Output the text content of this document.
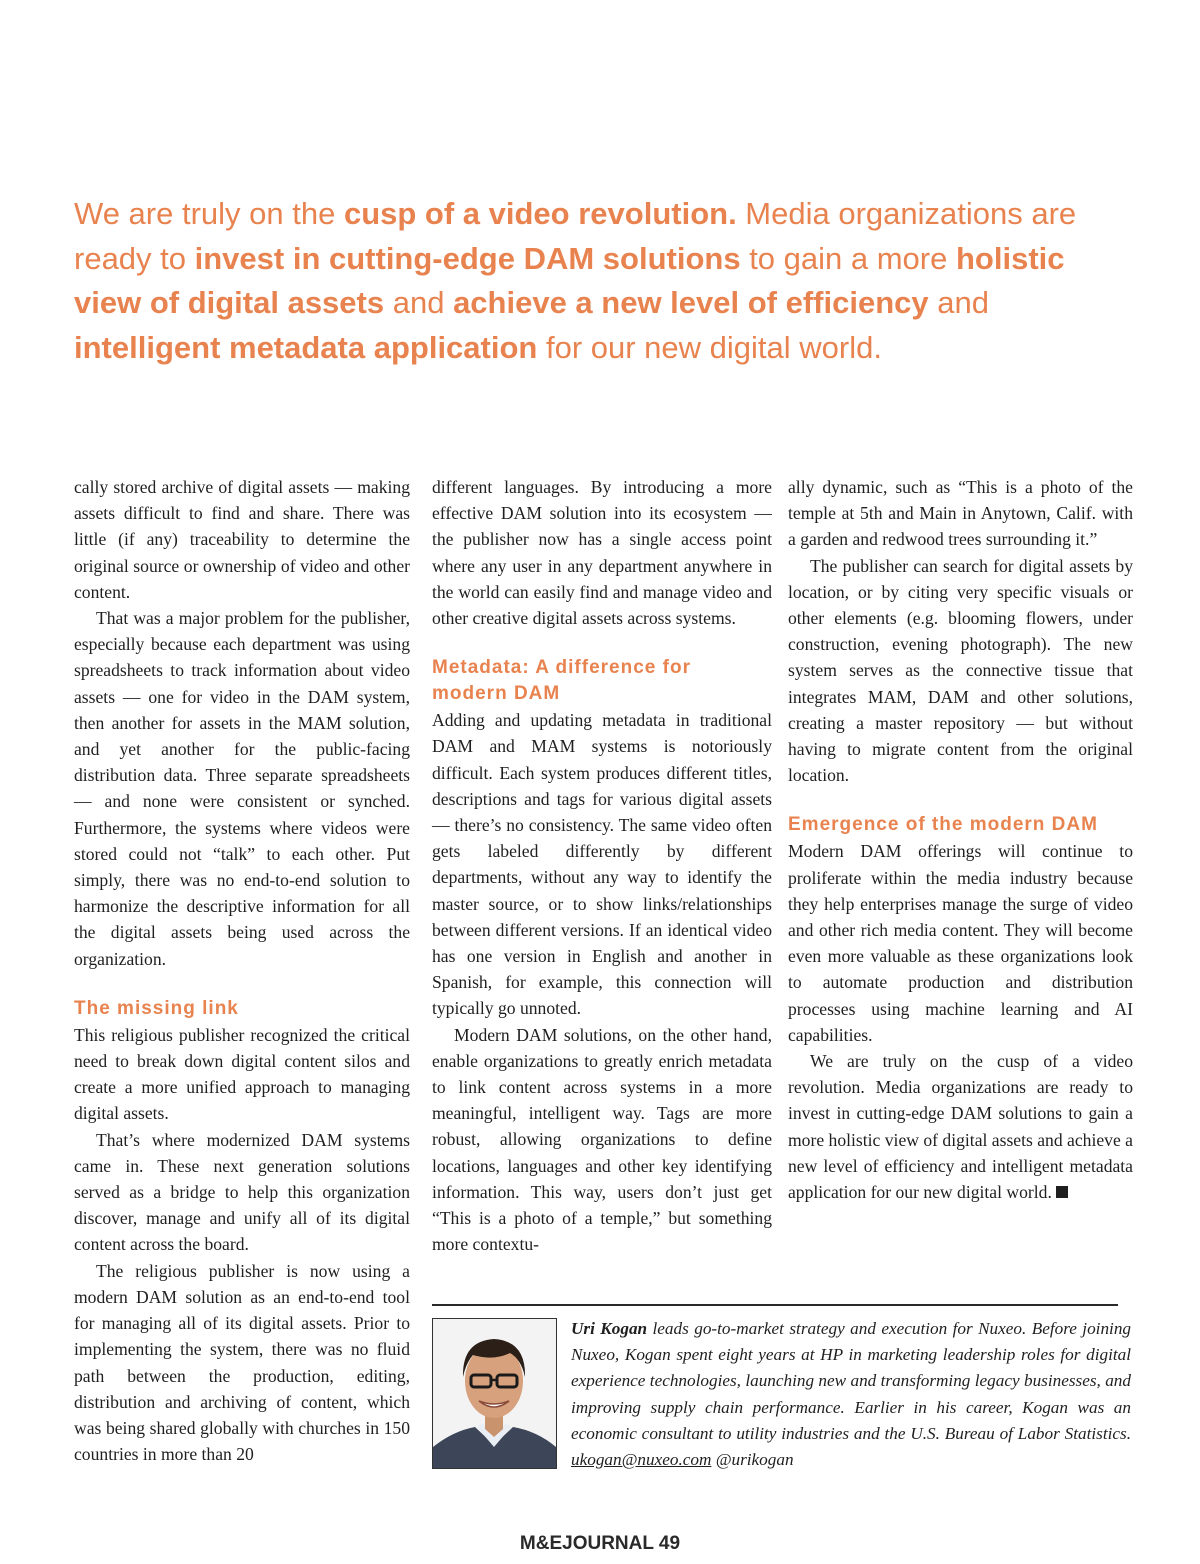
We are truly on the cusp of a video revolution. Media organizations are ready to invest in cutting-edge DAM solutions to gain a more holistic view of digital assets and achieve a new level of efficiency and intelligent metadata application for our new digital world.

cally stored archive of digital assets — making assets difficult to find and share. There was little (if any) traceability to determine the original source or ownership of video and other content.

That was a major problem for the publisher, especially because each department was using spreadsheets to track information about video assets — one for video in the DAM system, then another for assets in the MAM solution, and yet another for the public-facing distribution data. Three separate spreadsheets — and none were consistent or synched. Furthermore, the systems where videos were stored could not “talk” to each other. Put simply, there was no end-to-end solution to harmonize the descriptive information for all the digital assets being used across the organization.

The missing link

This religious publisher recognized the critical need to break down digital content silos and create a more unified approach to managing digital assets.

That’s where modernized DAM systems came in. These next generation solutions served as a bridge to help this organization discover, manage and unify all of its digital content across the board.

The religious publisher is now using a modern DAM solution as an end-to-end tool for managing all of its digital assets. Prior to implementing the system, there was no fluid path between the production, editing, distribution and archiving of content, which was being shared globally with churches in 150 countries in more than 20

different languages. By introducing a more effective DAM solution into its ecosystem — the publisher now has a single access point where any user in any department anywhere in the world can easily find and manage video and other creative digital assets across systems.

Metadata: A difference for modern DAM

Adding and updating metadata in traditional DAM and MAM systems is notoriously difficult. Each system produces different titles, descriptions and tags for various digital assets — there’s no consistency. The same video often gets labeled differently by different departments, without any way to identify the master source, or to show links/relationships between different versions. If an identical video has one version in English and another in Spanish, for example, this connection will typically go unnoted.

Modern DAM solutions, on the other hand, enable organizations to greatly enrich metadata to link content across systems in a more meaningful, intelligent way. Tags are more robust, allowing organizations to define locations, languages and other key identifying information. This way, users don’t just get “This is a photo of a temple,” but something more contextu-

ally dynamic, such as “This is a photo of the temple at 5th and Main in Anytown, Calif. with a garden and redwood trees surrounding it.”

The publisher can search for digital assets by location, or by citing very specific visuals or other elements (e.g. blooming flowers, under construction, evening photograph). The new system serves as the connective tissue that integrates MAM, DAM and other solutions, creating a master repository — but without having to migrate content from the original location.

Emergence of the modern DAM

Modern DAM offerings will continue to proliferate within the media industry because they help enterprises manage the surge of video and other rich media content. They will become even more valuable as these organizations look to automate production and distribution processes using machine learning and AI capabilities.

We are truly on the cusp of a video revolution. Media organizations are ready to invest in cutting-edge DAM solutions to gain a more holistic view of digital assets and achieve a new level of efficiency and intelligent metadata application for our new digital world.

Uri Kogan leads go-to-market strategy and execution for Nuxeo. Before joining Nuxeo, Kogan spent eight years at HP in marketing leadership roles for digital experience technologies, launching new and transforming legacy businesses, and improving supply chain performance. Earlier in his career, Kogan was an economic consultant to utility industries and the U.S. Bureau of Labor Statistics. ukogan@nuxeo.com @urikogan
M&EJOURNAL 49
